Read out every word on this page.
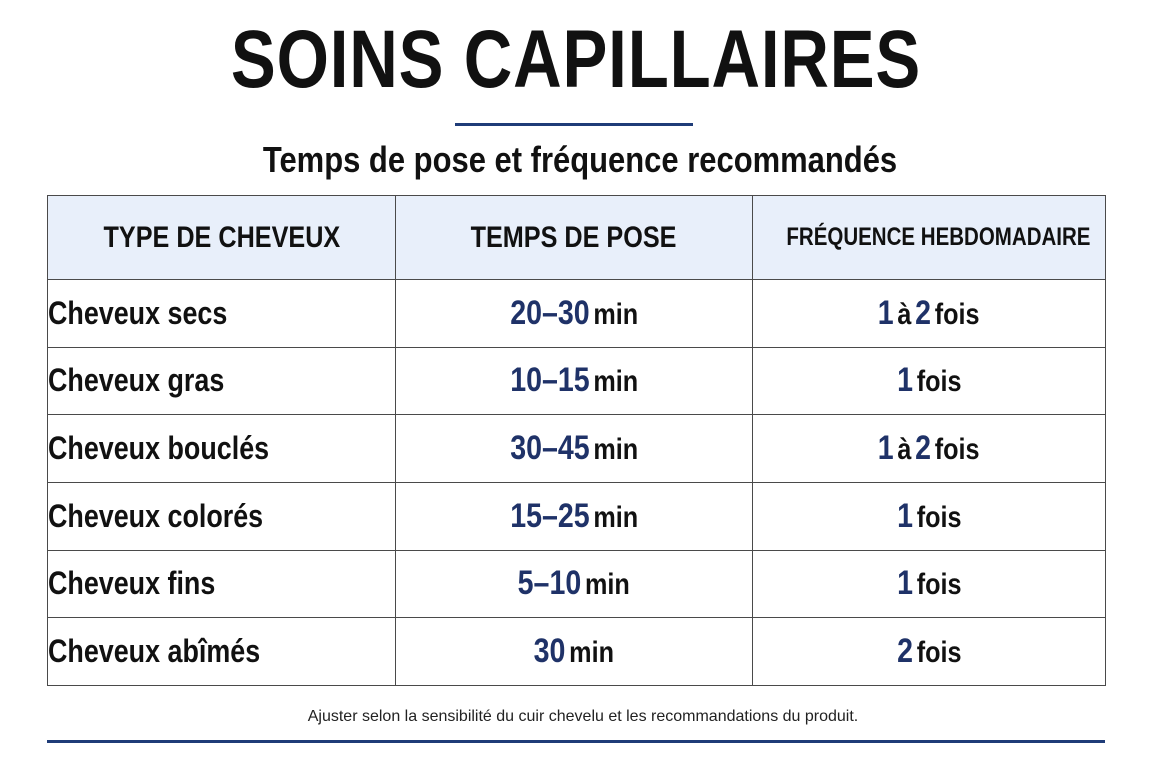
SOINS CAPILLAIRES
Temps de pose et fréquence recommandés
TYPE DE CHEVEUX	TEMPS DE POSE	FRÉQUENCE HEBDOMADAIRE
Cheveux secs	20–30 min	1 à 2 fois
Cheveux gras	10–15 min	1 fois
Cheveux bouclés	30–45 min	1 à 2 fois
Cheveux colorés	15–25 min	1 fois
Cheveux fins	5–10 min	1 fois
Cheveux abîmés	30 min	2 fois

Ajuster selon la sensibilité du cuir chevelu et les recommandations du produit.
